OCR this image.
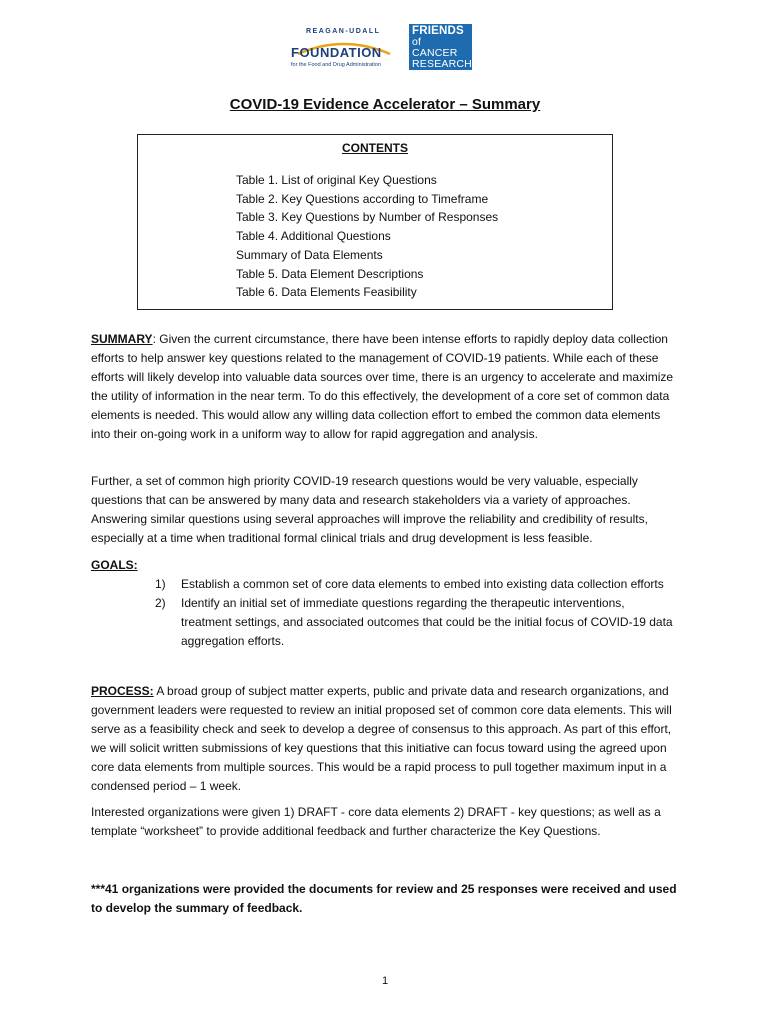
REAGAN-UDALL
FOUNDATION
for the Food and Drug Administration
FRIENDS
of CANCER
RESEARCH
COVID-19 Evidence Accelerator – Summary
CONTENTS
Table 1. List of original Key Questions
Table 2. Key Questions according to Timeframe
Table 3. Key Questions by Number of Responses
Table 4. Additional Questions
Summary of Data Elements
Table 5. Data Element Descriptions
Table 6. Data Elements Feasibility

SUMMARY: Given the current circumstance, there have been intense efforts to rapidly deploy data collection efforts to help answer key questions related to the management of COVID-19 patients. While each of these efforts will likely develop into valuable data sources over time, there is an urgency to accelerate and maximize the utility of information in the near term. To do this effectively, the development of a core set of common data elements is needed. This would allow any willing data collection effort to embed the common data elements into their on-going work in a uniform way to allow for rapid aggregation and analysis.

Further, a set of common high priority COVID-19 research questions would be very valuable, especially questions that can be answered by many data and research stakeholders via a variety of approaches. Answering similar questions using several approaches will improve the reliability and credibility of results, especially at a time when traditional formal clinical trials and drug development is less feasible.

GOALS:
1) Establish a common set of core data elements to embed into existing data collection efforts
2) Identify an initial set of immediate questions regarding the therapeutic interventions, treatment settings, and associated outcomes that could be the initial focus of COVID-19 data aggregation efforts.

PROCESS: A broad group of subject matter experts, public and private data and research organizations, and government leaders were requested to review an initial proposed set of common core data elements. This will serve as a feasibility check and seek to develop a degree of consensus to this approach. As part of this effort, we will solicit written submissions of key questions that this initiative can focus toward using the agreed upon core data elements from multiple sources. This would be a rapid process to pull together maximum input in a condensed period – 1 week.

Interested organizations were given 1) DRAFT - core data elements 2) DRAFT - key questions; as well as a template “worksheet” to provide additional feedback and further characterize the Key Questions.

***41 organizations were provided the documents for review and 25 responses were received and used to develop the summary of feedback.

1
